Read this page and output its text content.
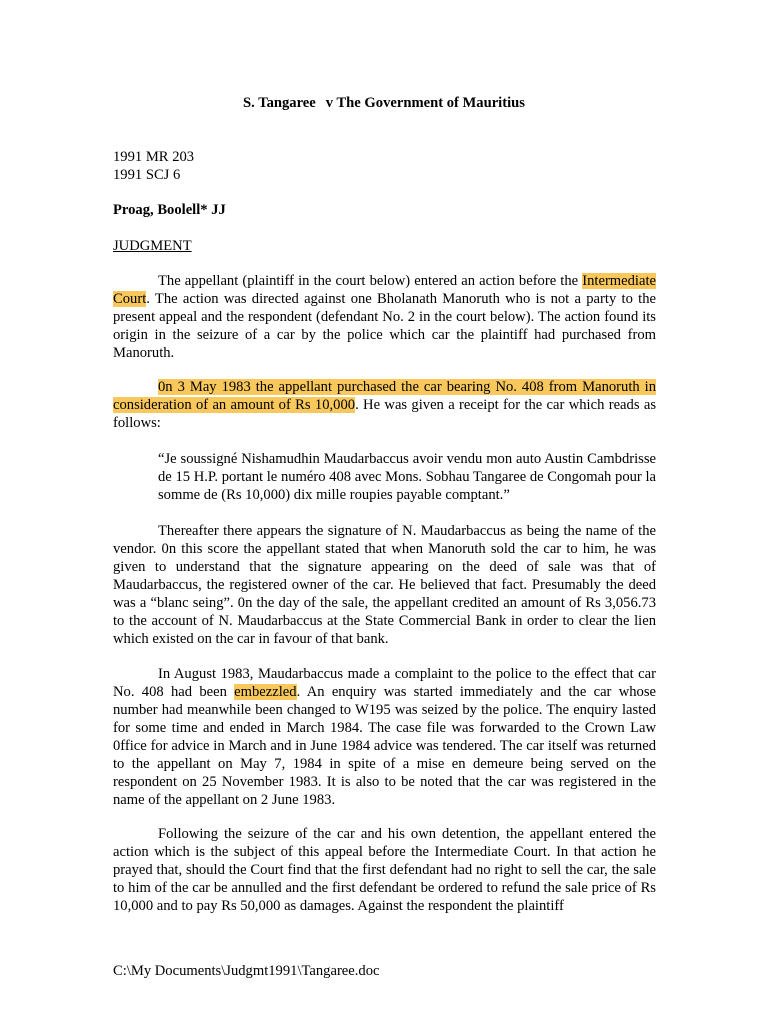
S. Tangaree v The Government of Mauritius
1991 MR 203
1991 SCJ 6
Proag, Boolell* JJ
JUDGMENT
The appellant (plaintiff in the court below) entered an action before the Intermediate Court. The action was directed against one Bholanath Manoruth who is not a party to the present appeal and the respondent (defendant No. 2 in the court below). The action found its origin in the seizure of a car by the police which car the plaintiff had purchased from Manoruth.
0n 3 May 1983 the appellant purchased the car bearing No. 408 from Manoruth in consideration of an amount of Rs 10,000. He was given a receipt for the car which reads as follows:
“Je soussigné Nishamudhin Maudarbaccus avoir vendu mon auto Austin Cambdrisse de 15 H.P. portant le numéro 408 avec Mons. Sobhau Tangaree de Congomah pour la somme de (Rs 10,000) dix mille roupies payable comptant.”
Thereafter there appears the signature of N. Maudarbaccus as being the name of the vendor. 0n this score the appellant stated that when Manoruth sold the car to him, he was given to understand that the signature appearing on the deed of sale was that of Maudarbaccus, the registered owner of the car. He believed that fact. Presumably the deed was a “blanc seing”. 0n the day of the sale, the appellant credited an amount of Rs 3,056.73 to the account of N. Maudarbaccus at the State Commercial Bank in order to clear the lien which existed on the car in favour of that bank.
In August 1983, Maudarbaccus made a complaint to the police to the effect that car No. 408 had been embezzled. An enquiry was started immediately and the car whose number had meanwhile been changed to W195 was seized by the police. The enquiry lasted for some time and ended in March 1984. The case file was forwarded to the Crown Law 0ffice for advice in March and in June 1984 advice was tendered. The car itself was returned to the appellant on May 7, 1984 in spite of a mise en demeure being served on the respondent on 25 November 1983. It is also to be noted that the car was registered in the name of the appellant on 2 June 1983.
Following the seizure of the car and his own detention, the appellant entered the action which is the subject of this appeal before the Intermediate Court. In that action he prayed that, should the Court find that the first defendant had no right to sell the car, the sale to him of the car be annulled and the first defendant be ordered to refund the sale price of Rs 10,000 and to pay Rs 50,000 as damages. Against the respondent the plaintiff
C:\My Documents\Judgmt1991\Tangaree.doc
